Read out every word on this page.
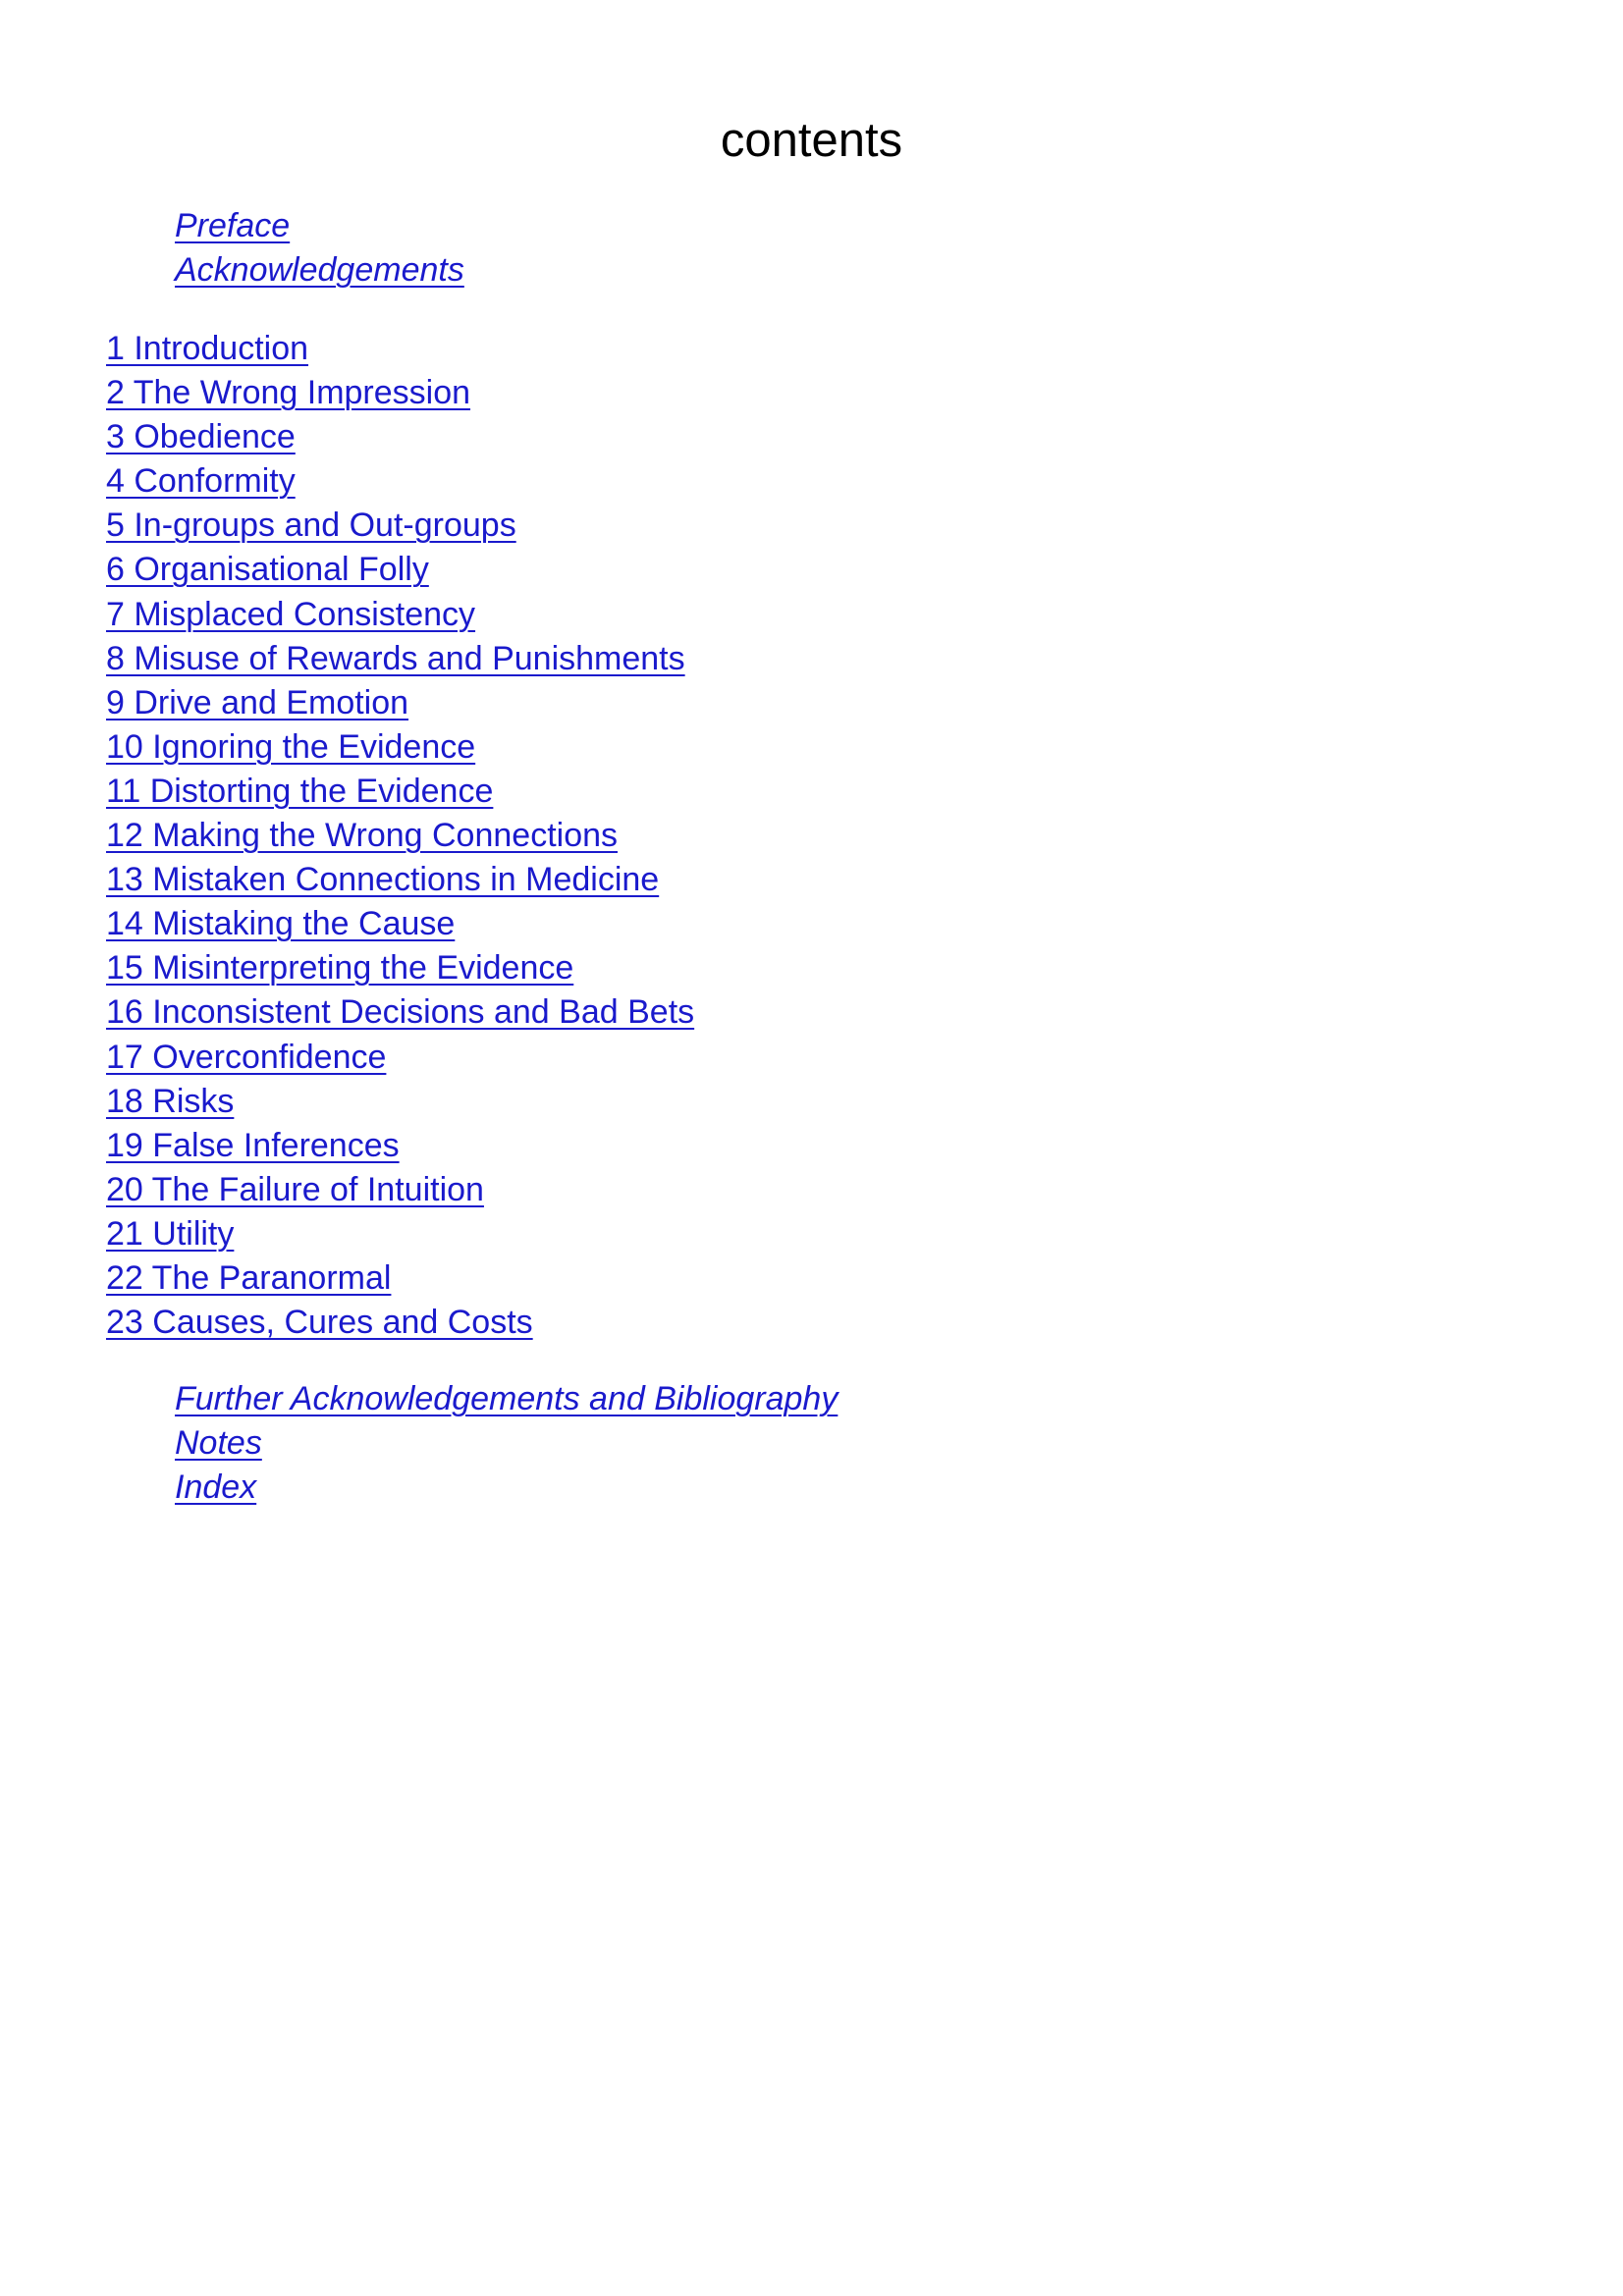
contents
Preface
Acknowledgements
1 Introduction
2 The Wrong Impression
3 Obedience
4 Conformity
5 In-groups and Out-groups
6 Organisational Folly
7 Misplaced Consistency
8 Misuse of Rewards and Punishments
9 Drive and Emotion
10 Ignoring the Evidence
11 Distorting the Evidence
12 Making the Wrong Connections
13 Mistaken Connections in Medicine
14 Mistaking the Cause
15 Misinterpreting the Evidence
16 Inconsistent Decisions and Bad Bets
17 Overconfidence
18 Risks
19 False Inferences
20 The Failure of Intuition
21 Utility
22 The Paranormal
23 Causes, Cures and Costs
Further Acknowledgements and Bibliography
Notes
Index
